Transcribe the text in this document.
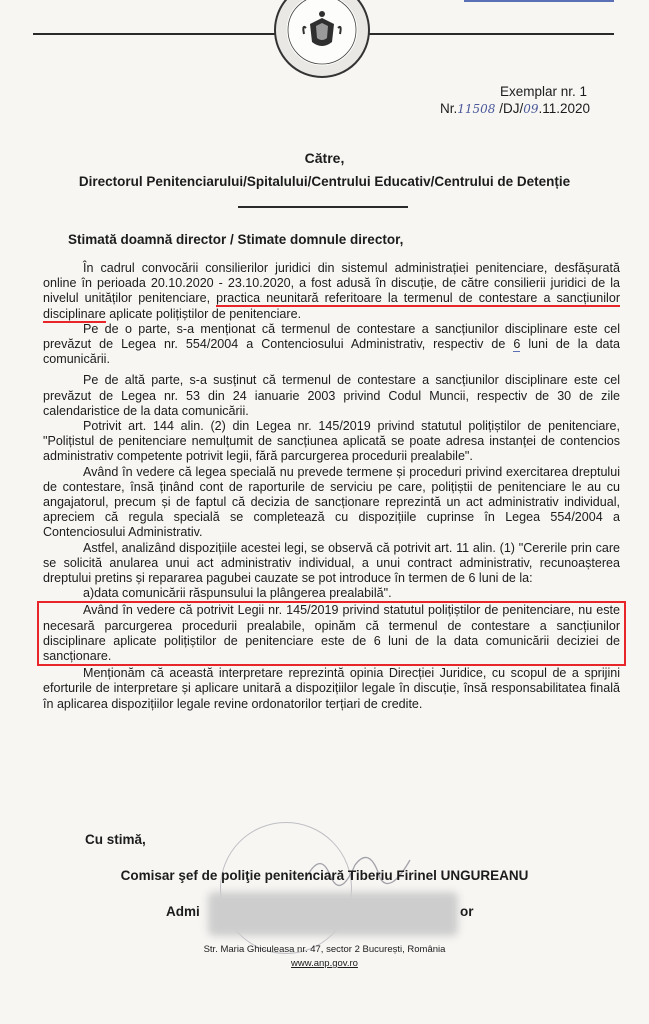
Exemplar nr. 1
Nr.11508 /DJ/09.11.2020
Către,
Directorul Penitenciarului/Spitalului/Centrului Educativ/Centrului de Detenție
Stimată doamnă director / Stimate domnule director,

În cadrul convocării consilierilor juridici din sistemul administrației penitenciare, desfășurată online în perioada 20.10.2020 - 23.10.2020, a fost adusă în discuție, de către consilierii juridici de la nivelul unităților penitenciare, practica neunitară referitoare la termenul de contestare a sancțiunilor disciplinare aplicate polițiștilor de penitenciare.

Pe de o parte, s-a menționat că termenul de contestare a sancțiunilor disciplinare este cel prevăzut de Legea nr. 554/2004 a Contenciosului Administrativ, respectiv de 6 luni de la data comunicării.

Pe de altă parte, s-a susținut că termenul de contestare a sancțiunilor disciplinare este cel prevăzut de Legea nr. 53 din 24 ianuarie 2003 privind Codul Muncii, respectiv de 30 de zile calendaristice de la data comunicării.

Potrivit art. 144 alin. (2) din Legea nr. 145/2019 privind statutul polițiștilor de penitenciare, "Polițistul de penitenciare nemulțumit de sancțiunea aplicată se poate adresa instanței de contencios administrativ competente potrivit legii, fără parcurgerea procedurii prealabile".

Având în vedere că legea specială nu prevede termene și proceduri privind exercitarea dreptului de contestare, însă ținând cont de raporturile de serviciu pe care, polițiștii de penitenciare le au cu angajatorul, precum și de faptul că decizia de sancționare reprezintă un act administrativ individual, apreciem că regula specială se completează cu dispozițiile cuprinse în Legea 554/2004 a Contenciosului Administrativ.

Astfel, analizând dispozițiile acestei legi, se observă că potrivit art. 11 alin. (1) "Cererile prin care se solicită anularea unui act administrativ individual, a unui contract administrativ, recunoașterea dreptului pretins și repararea pagubei cauzate se pot introduce în termen de 6 luni de la:

a)data comunicării răspunsului la plângerea prealabilă".

Având în vedere că potrivit Legii nr. 145/2019 privind statutul polițiștilor de penitenciare, nu este necesară parcurgerea procedurii prealabile, opinăm că termenul de contestare a sancțiunilor disciplinare aplicate polițiștilor de penitenciare este de 6 luni de la data comunicării deciziei de sancționare.

Menționăm că această interpretare reprezintă opinia Direcției Juridice, cu scopul de a sprijini eforturile de interpretare și aplicare unitară a dispozițiilor legale în discuție, însă responsabilitatea finală în aplicarea dispozițiilor legale revine ordonatorilor terțiari de credite.

Cu stimă,
Comisar şef de poliţie penitenciară Tiberiu Firinel UNGUREANU
Admi	or
Str. Maria Ghiculeasa nr. 47, sector 2 București, România
www.anp.gov.ro
